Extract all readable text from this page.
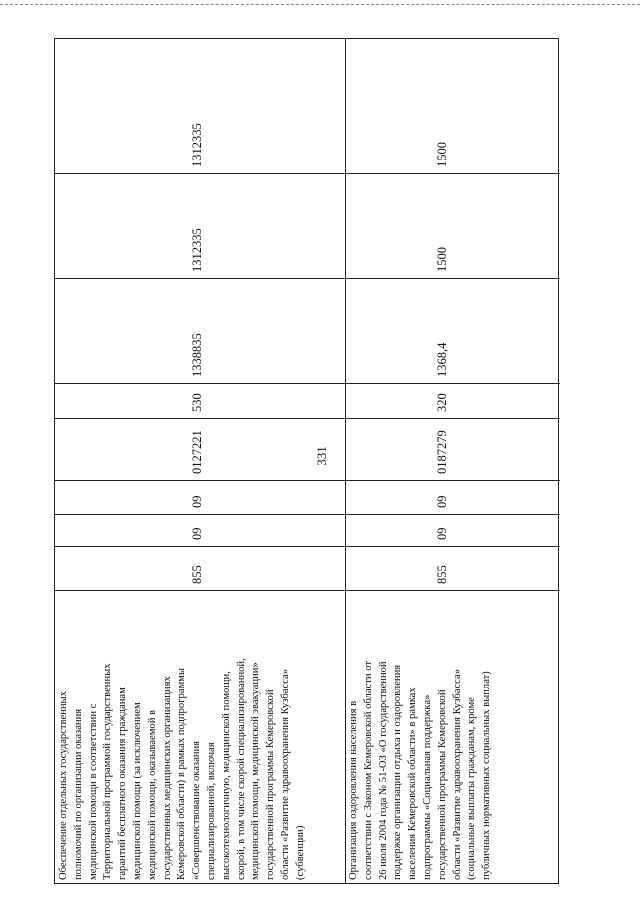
331
Обеспечение отдельных государственных полномочий по организации оказания медицинской помощи в соответствии с Территориальной программой государственных гарантий бесплатного оказания гражданам медицинской помощи (за исключением медицинской помощи, оказываемой в государственных медицинских организациях Кемеровской области) в рамках подпрограммы «Совершенствование оказания специализированной, включая высокотехнологичную, медицинской помощи, скорой, в том числе скорой специализированной, медицинской помощи, медицинской эвакуации» государственной программы Кемеровской области «Развитие здравоохранения Кузбасса» (субвенции)
855
09
09
0127221
530
1338835
1312335
1312335
Организация оздоровления населения в соответствии с Законом Кемеровской области от 26 июля 2004 года № 51-ОЗ «О государственной поддержке организации отдыха и оздоровления населения Кемеровской области» в рамках подпрограммы «Социальная поддержка» государственной программы Кемеровской области «Развитие здравоохранения Кузбасса» (социальные выплаты гражданам, кроме публичных нормативных социальных выплат)
855
09
09
0187279
320
1368,4
1500
1500
